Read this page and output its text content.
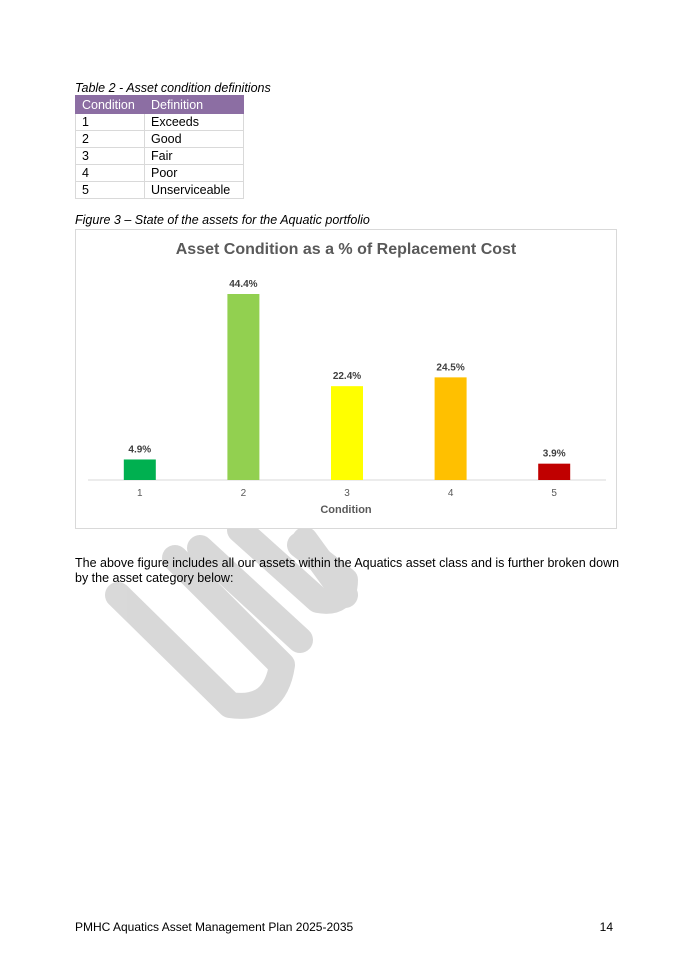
Table 2 - Asset condition definitions
Condition	Definition
1	Exceeds
2	Good
3	Fair
4	Poor
5	Unserviceable
Figure 3 – State of the assets for the Aquatic portfolio
Asset Condition as a % of Replacement Cost
4.9%
1
44.4%
2
22.4%
3
24.5%
4
3.9%
5
Condition
The above figure includes all our assets within the Aquatics asset class and is further broken down by the asset category below:
PMHC Aquatics Asset Management Plan 2025-2035	14
